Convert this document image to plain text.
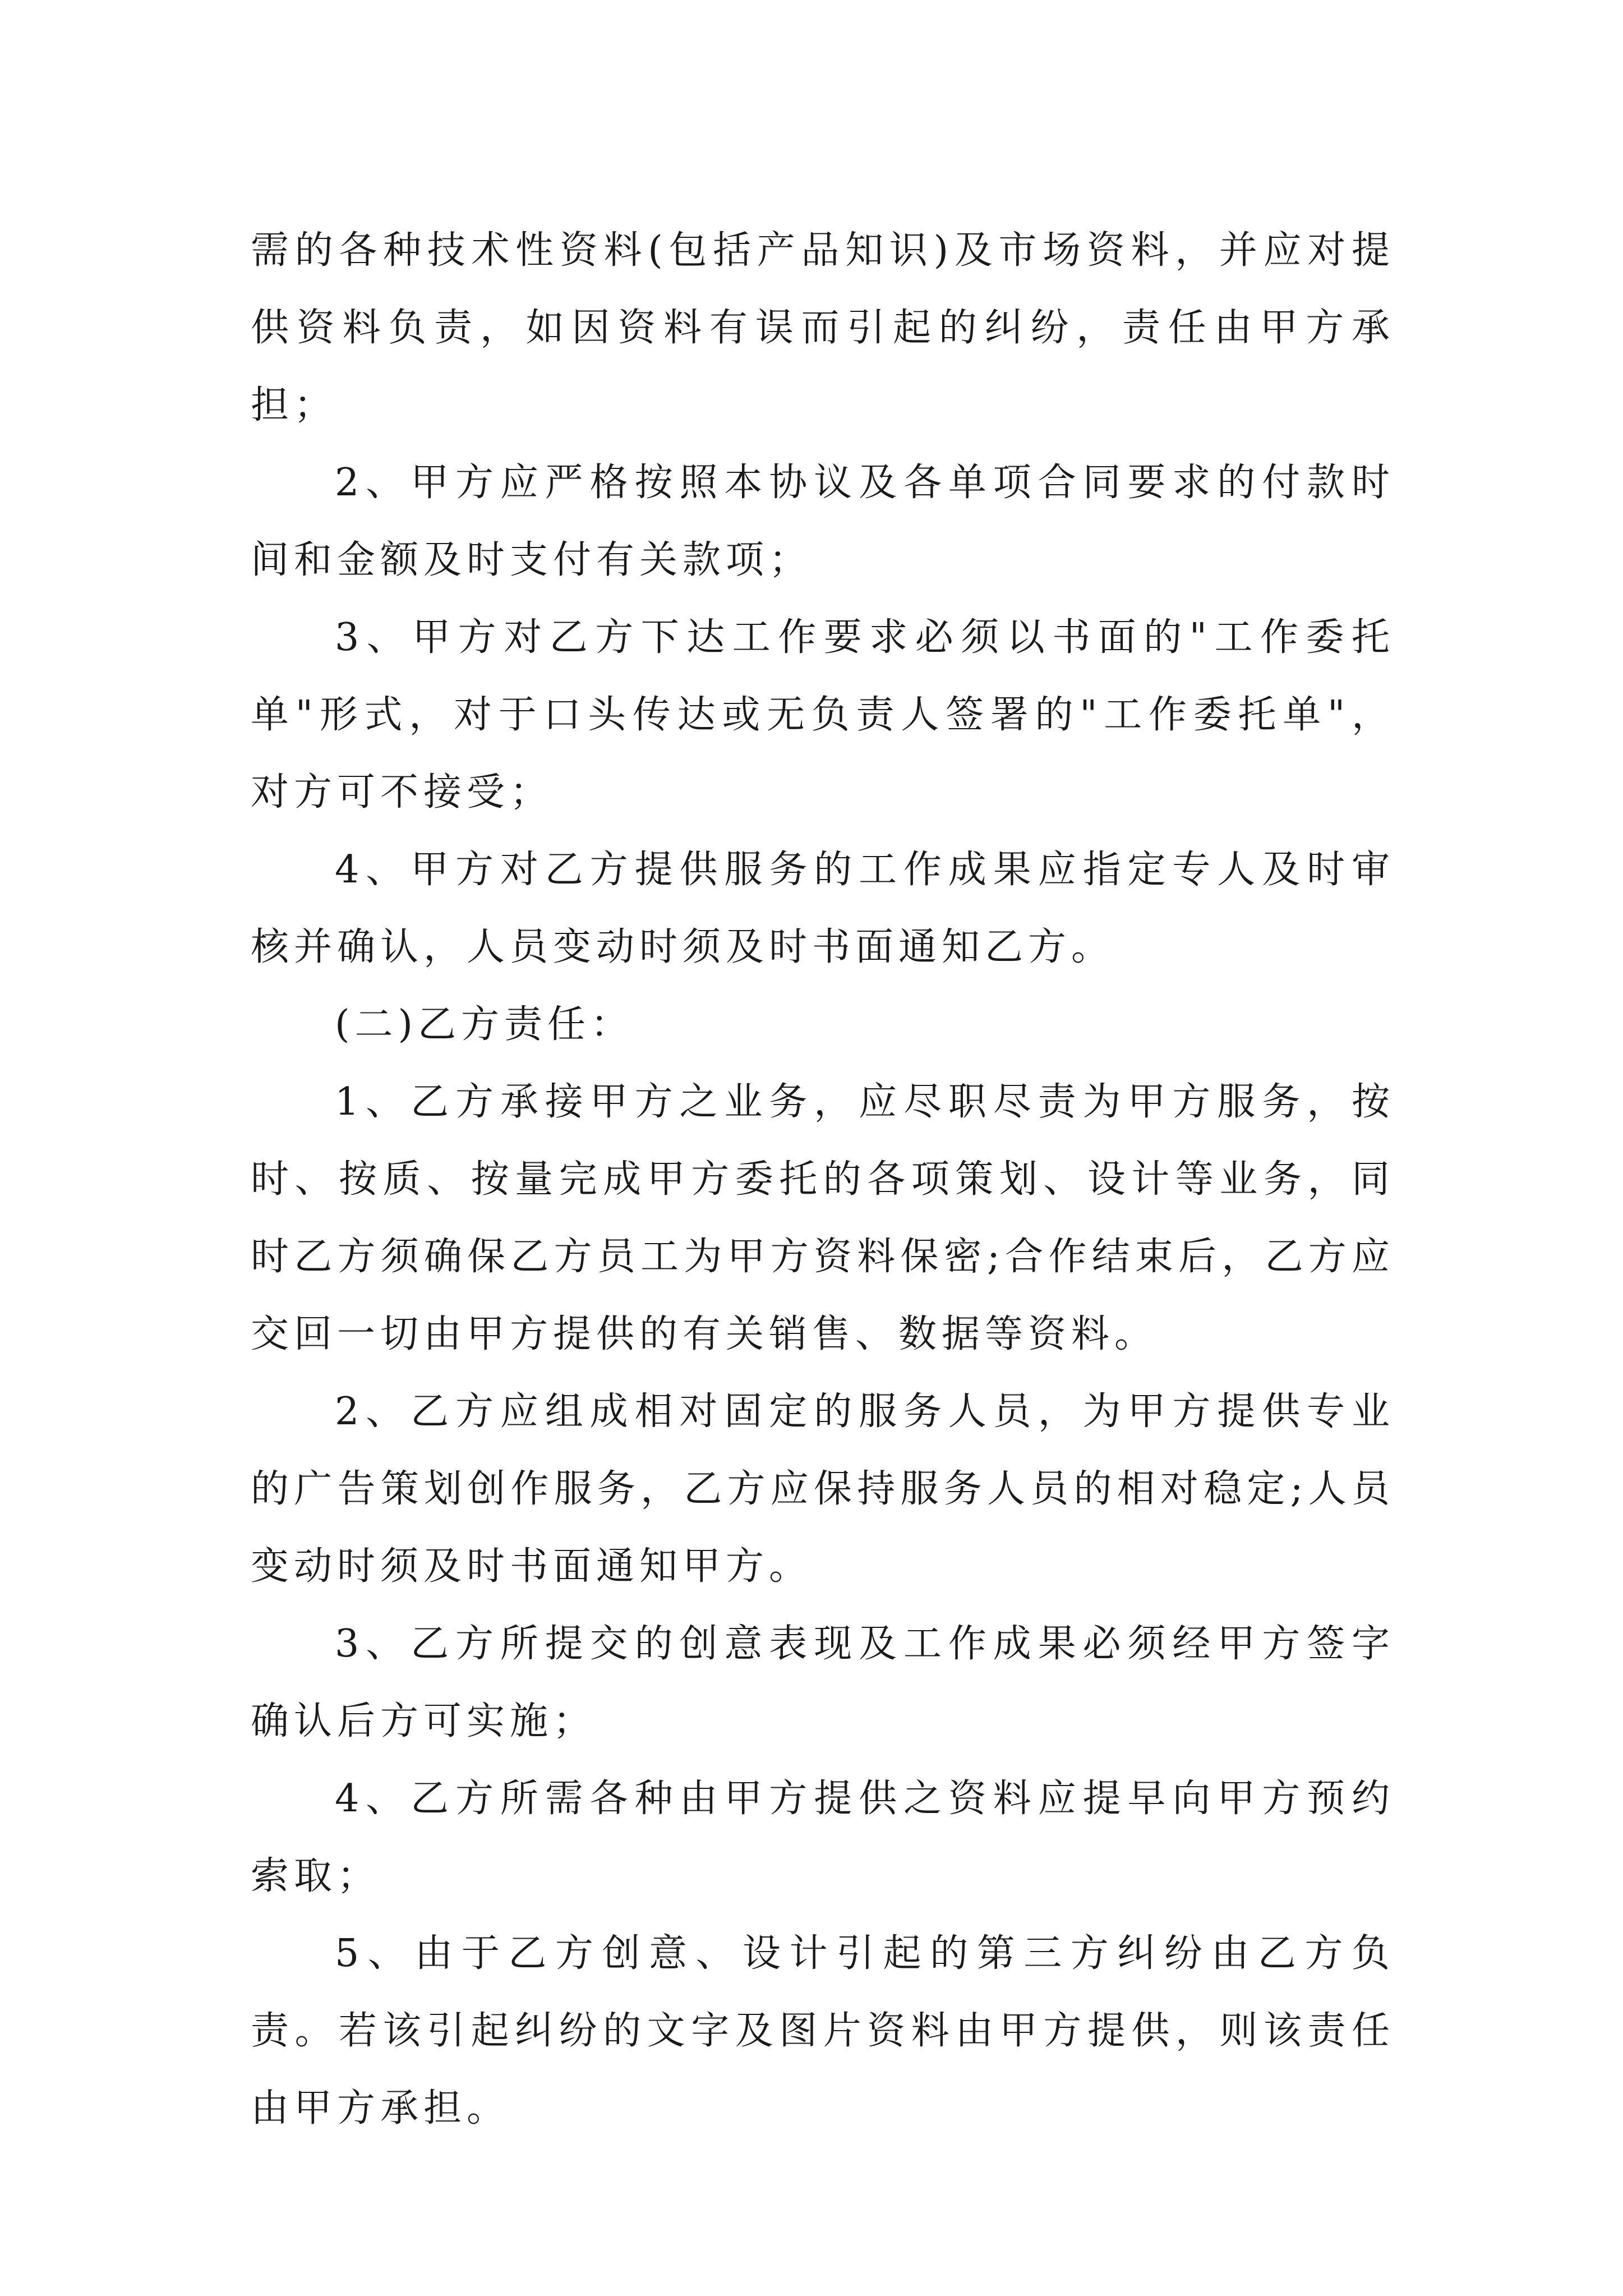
需的各种技术性资料(包括产品知识)及市场资料，并应对提供资料负责，如因资料有误而引起的纠纷，责任由甲方承担；

2、甲方应严格按照本协议及各单项合同要求的付款时间和金额及时支付有关款项；

3、甲方对乙方下达工作要求必须以书面的"工作委托单"形式，对于口头传达或无负责人签署的"工作委托单"，对方可不接受；

4、甲方对乙方提供服务的工作成果应指定专人及时审核并确认，人员变动时须及时书面通知乙方。

(二)乙方责任：

1、乙方承接甲方之业务，应尽职尽责为甲方服务，按时、按质、按量完成甲方委托的各项策划、设计等业务，同时乙方须确保乙方员工为甲方资料保密;合作结束后，乙方应交回一切由甲方提供的有关销售、数据等资料。

2、乙方应组成相对固定的服务人员，为甲方提供专业的广告策划创作服务，乙方应保持服务人员的相对稳定;人员变动时须及时书面通知甲方。

3、乙方所提交的创意表现及工作成果必须经甲方签字确认后方可实施；

4、乙方所需各种由甲方提供之资料应提早向甲方预约索取；

5、由于乙方创意、设计引起的第三方纠纷由乙方负责。若该引起纠纷的文字及图片资料由甲方提供，则该责任由甲方承担。
